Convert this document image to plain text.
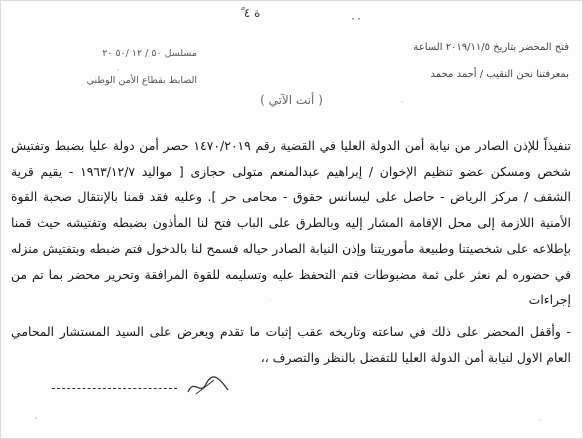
ً ة ٤	٠٠
مسلسل ٥٠ / ١٢ /٥٠ ٢٠
الضابط بقطاع الأمن الوطني
فتح المحضر بتاريخ ٢٠١٩/١١/٥ الساعة
بمعرفتنا نحن النقيب / أحمد محمد
( أنت الآتي )

تنفيذاً للإذن الصادر من نيابة أمن الدولة العليا في القضية رقم ١٤٧٠/٢٠١٩ حصر أمن دولة عليا بضبط وتفتيش شخص ومسكن عضو تنظيم الإخوان / إبراهيم عبدالمنعم متولى حجازى [ مواليد ١٩٦٣/١٢/٧ - يقيم قرية الشقف / مركز الرياض - حاصل على ليسانس حقوق - محامى حر ]. وعليه فقد قمنا بالإنتقال صحبة القوة الأمنية اللازمة إلى محل الإقامة المشار إليه وبالطرق على الباب فتح لنا المأذون بضبطه وتفتيشه حيث قمنا بإطلاعه على شخصيتنا وطبيعة مأموريتنا وإذن النيابة الصادر حياله فسمح لنا بالدخول فتم ضبطه وبتفتيش منزله في حضوره لم نعثر على ثمة مضبوطات فتم التحفظ عليه وتسليمه للقوة المرافقة وتحرير محضر بما تم من إجراءات

- وأقفل المحضر على ذلك في ساعته وتاريخه عقب إثبات ما تقدم ويعرض على السيد المستشار المحامي العام الاول لنيابة أمن الدولة العليا للتفضل بالنظر والتصرف ،،
